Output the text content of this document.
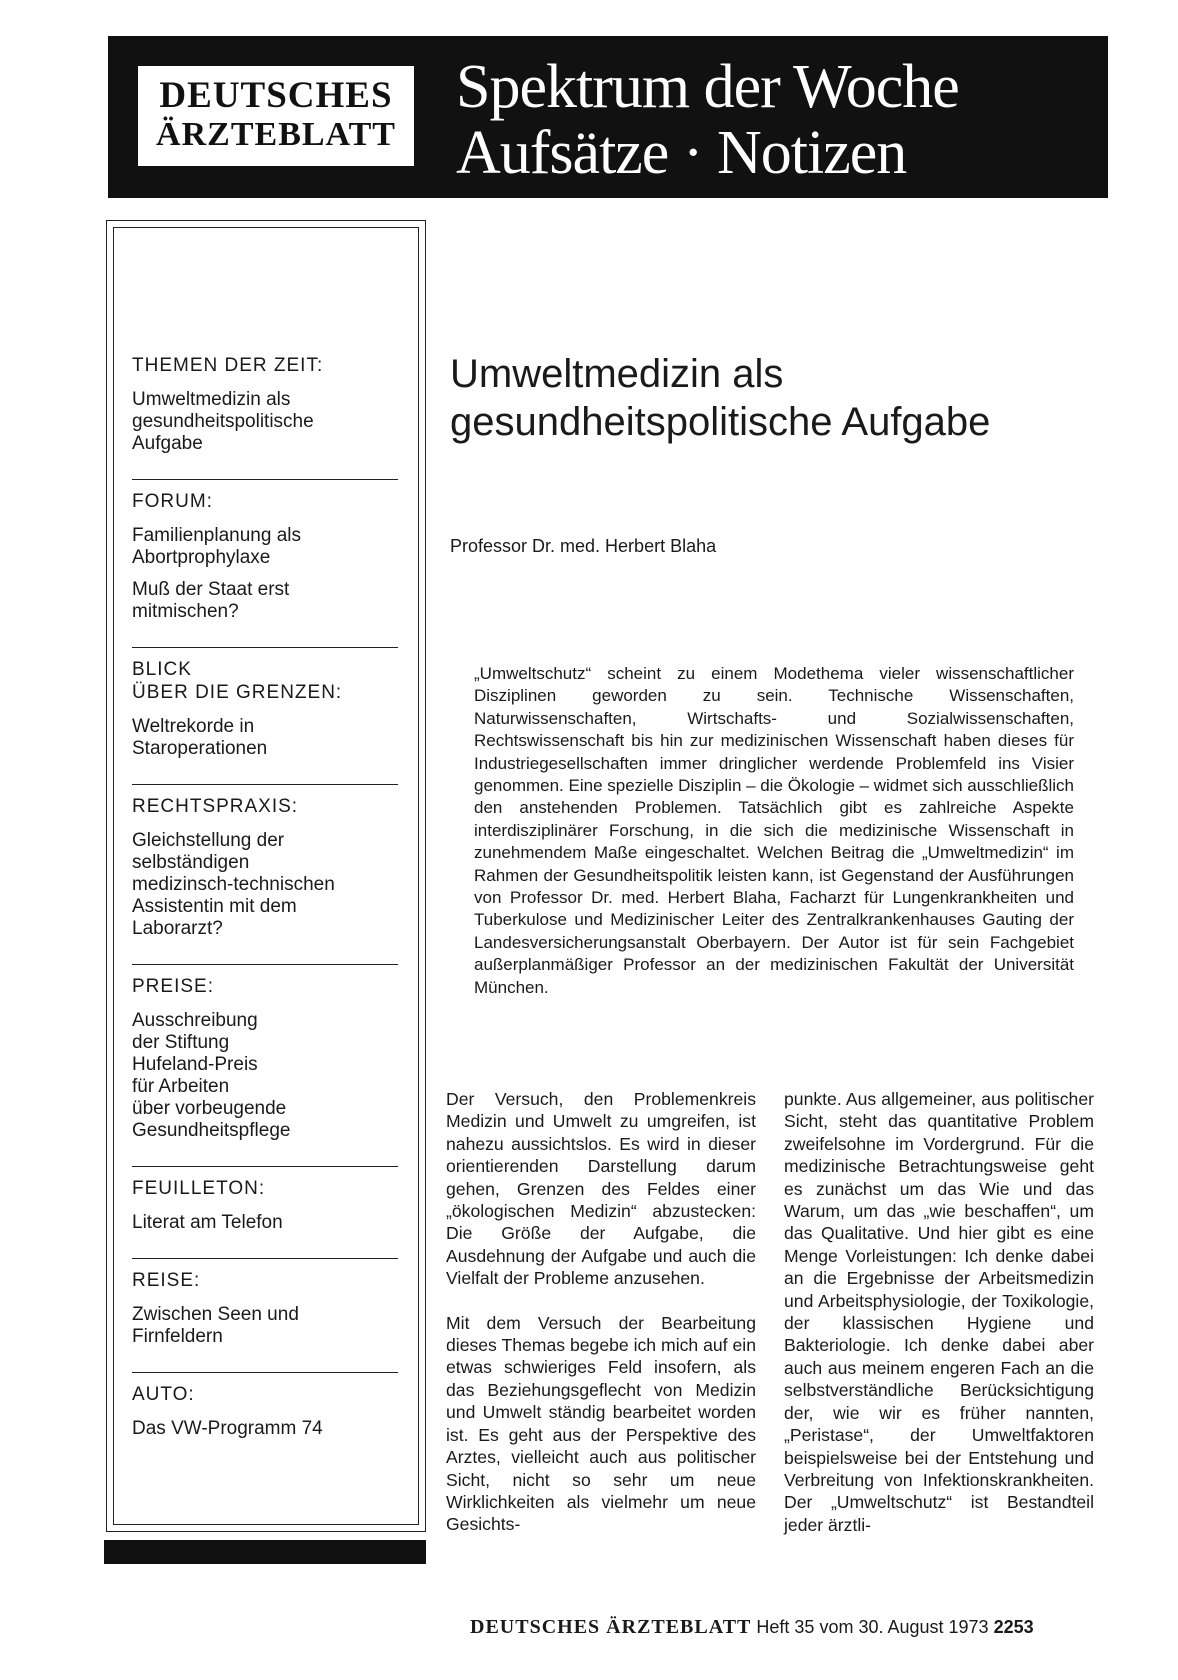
DEUTSCHES
ÄRZTEBLATT
Spektrum der Woche
Aufsätze · Notizen
THEMEN DER ZEIT:
Umweltmedizin als
gesundheitspolitische
Aufgabe
FORUM:
Familienplanung als
Abortprophylaxe
Muß der Staat erst
mitmischen?
BLICK
ÜBER DIE GRENZEN:
Weltrekorde in
Staroperationen
RECHTSPRAXIS:
Gleichstellung der
selbständigen
medizinsch-technischen
Assistentin mit dem
Laborarzt?
PREISE:
Ausschreibung
der Stiftung
Hufeland-Preis
für Arbeiten
über vorbeugende
Gesundheitspflege
FEUILLETON:
Literat am Telefon
REISE:
Zwischen Seen und
Firnfeldern
AUTO:
Das VW-Programm 74
Umweltmedizin als
gesundheitspolitische Aufgabe
Professor Dr. med. Herbert Blaha
„Umweltschutz“ scheint zu einem Modethema vieler wissenschaftlicher Disziplinen geworden zu sein. Technische Wissenschaften, Naturwissenschaften, Wirtschafts- und Sozialwissenschaften, Rechtswissenschaft bis hin zur medizinischen Wissenschaft haben dieses für Industriegesellschaften immer dringlicher werdende Problemfeld ins Visier genommen. Eine spezielle Disziplin – die Ökologie – widmet sich ausschließlich den anstehenden Problemen. Tatsächlich gibt es zahlreiche Aspekte interdisziplinärer Forschung, in die sich die medizinische Wissenschaft in zunehmendem Maße eingeschaltet. Welchen Beitrag die „Umweltmedizin“ im Rahmen der Gesundheitspolitik leisten kann, ist Gegenstand der Ausführungen von Professor Dr. med. Herbert Blaha, Facharzt für Lungenkrankheiten und Tuberkulose und Medizinischer Leiter des Zentralkrankenhauses Gauting der Landesversicherungsanstalt Oberbayern. Der Autor ist für sein Fachgebiet außerplanmäßiger Professor an der medizinischen Fakultät der Universität München.

Der Versuch, den Problemenkreis Medizin und Umwelt zu umgreifen, ist nahezu aussichtslos. Es wird in dieser orientierenden Darstellung darum gehen, Grenzen des Feldes einer „ökologischen Medizin“ abzustecken: Die Größe der Aufgabe, die Ausdehnung der Aufgabe und auch die Vielfalt der Probleme anzusehen.

Mit dem Versuch der Bearbeitung dieses Themas begebe ich mich auf ein etwas schwieriges Feld insofern, als das Beziehungsgeflecht von Medizin und Umwelt ständig bearbeitet worden ist. Es geht aus der Perspektive des Arztes, vielleicht auch aus politischer Sicht, nicht so sehr um neue Wirklichkeiten als vielmehr um neue Gesichts-

punkte. Aus allgemeiner, aus politischer Sicht, steht das quantitative Problem zweifelsohne im Vordergrund. Für die medizinische Betrachtungsweise geht es zunächst um das Wie und das Warum, um das „wie beschaffen“, um das Qualitative. Und hier gibt es eine Menge Vorleistungen: Ich denke dabei an die Ergebnisse der Arbeitsmedizin und Arbeitsphysiologie, der Toxikologie, der klassischen Hygiene und Bakteriologie. Ich denke dabei aber auch aus meinem engeren Fach an die selbstverständliche Berücksichtigung der, wie wir es früher nannten, „Peristase“, der Umweltfaktoren beispielsweise bei der Entstehung und Verbreitung von Infektionskrankheiten. Der „Umweltschutz“ ist Bestandteil jeder ärztli-

DEUTSCHES ÄRZTEBLATT Heft 35 vom 30. August 1973 2253
